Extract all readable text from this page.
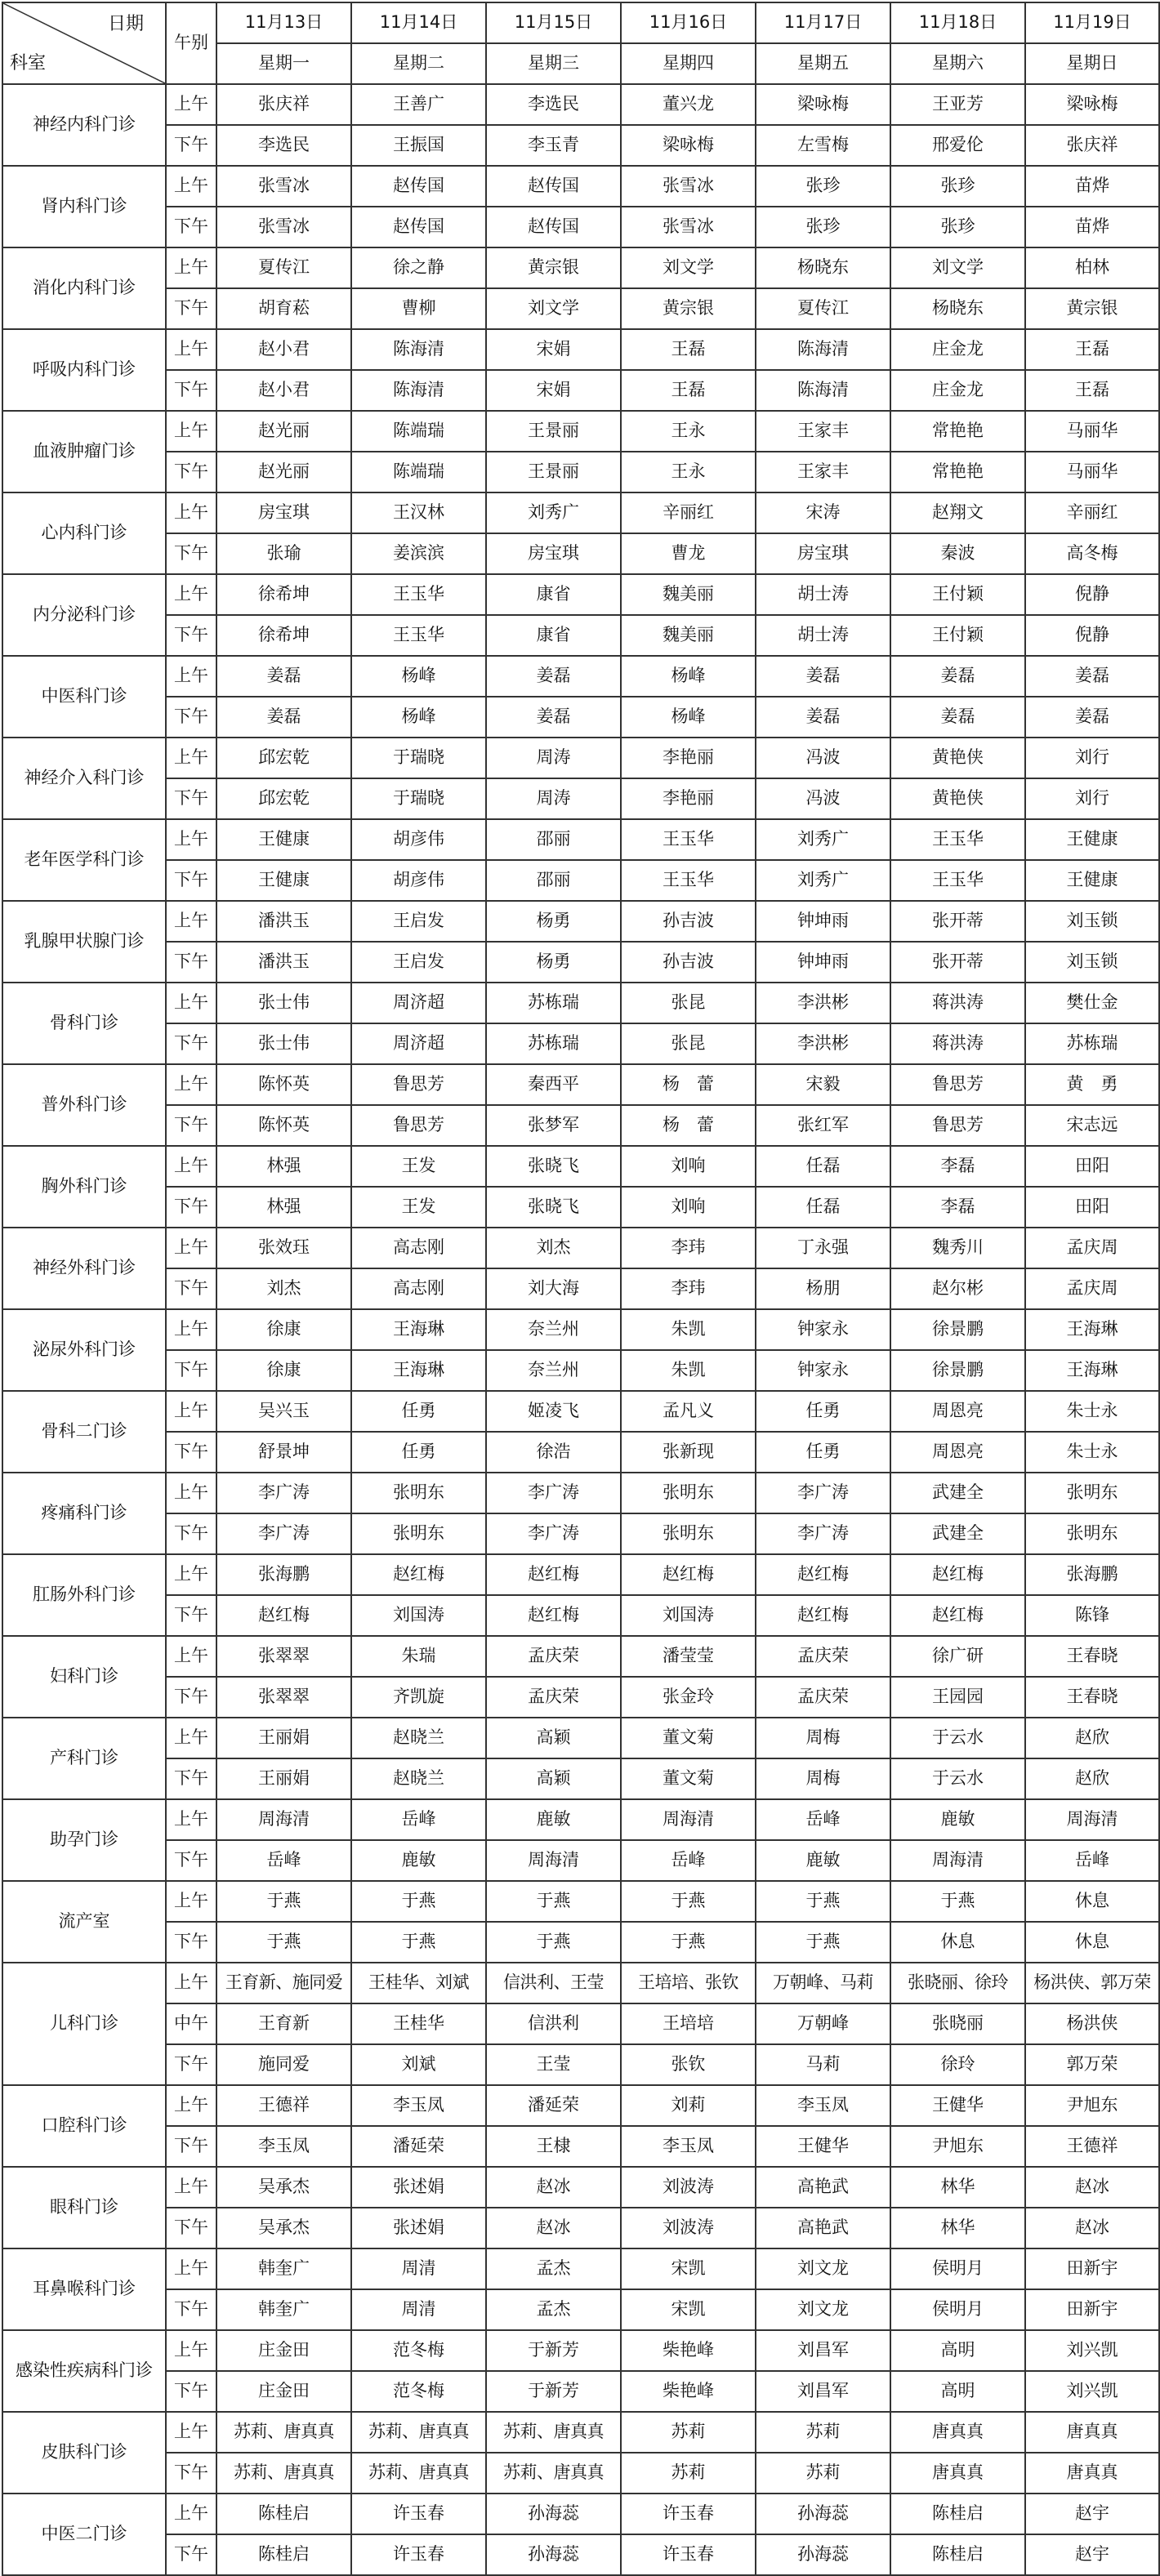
日期
科室	午别	11月13日	11月14日	11月15日	11月16日	11月17日	11月18日	11月19日
		星期一	星期二	星期三	星期四	星期五	星期六	星期日
神经内科门诊	上午	张庆祥	王善广	李选民	董兴龙	梁咏梅	王亚芳	梁咏梅
	下午	李选民	王振国	李玉青	梁咏梅	左雪梅	邢爱伦	张庆祥
肾内科门诊	上午	张雪冰	赵传国	赵传国	张雪冰	张珍	张珍	苗烨
	下午	张雪冰	赵传国	赵传国	张雪冰	张珍	张珍	苗烨
消化内科门诊	上午	夏传江	徐之静	黄宗银	刘文学	杨晓东	刘文学	柏林
	下午	胡育菘	曹柳	刘文学	黄宗银	夏传江	杨晓东	黄宗银
呼吸内科门诊	上午	赵小君	陈海清	宋娟	王磊	陈海清	庄金龙	王磊
	下午	赵小君	陈海清	宋娟	王磊	陈海清	庄金龙	王磊
血液肿瘤门诊	上午	赵光丽	陈端瑞	王景丽	王永	王家丰	常艳艳	马丽华
	下午	赵光丽	陈端瑞	王景丽	王永	王家丰	常艳艳	马丽华
心内科门诊	上午	房宝琪	王汉林	刘秀广	辛丽红	宋涛	赵翔文	辛丽红
	下午	张瑜	姜滨滨	房宝琪	曹龙	房宝琪	秦波	高冬梅
内分泌科门诊	上午	徐希坤	王玉华	康省	魏美丽	胡士涛	王付颖	倪静
	下午	徐希坤	王玉华	康省	魏美丽	胡士涛	王付颖	倪静
中医科门诊	上午	姜磊	杨峰	姜磊	杨峰	姜磊	姜磊	姜磊
	下午	姜磊	杨峰	姜磊	杨峰	姜磊	姜磊	姜磊
神经介入科门诊	上午	邱宏乾	于瑞晓	周涛	李艳丽	冯波	黄艳侠	刘行
	下午	邱宏乾	于瑞晓	周涛	李艳丽	冯波	黄艳侠	刘行
老年医学科门诊	上午	王健康	胡彦伟	邵丽	王玉华	刘秀广	王玉华	王健康
	下午	王健康	胡彦伟	邵丽	王玉华	刘秀广	王玉华	王健康
乳腺甲状腺门诊	上午	潘洪玉	王启发	杨勇	孙吉波	钟坤雨	张开蒂	刘玉锁
	下午	潘洪玉	王启发	杨勇	孙吉波	钟坤雨	张开蒂	刘玉锁
骨科门诊	上午	张士伟	周济超	苏栋瑞	张昆	李洪彬	蒋洪涛	樊仕金
	下午	张士伟	周济超	苏栋瑞	张昆	李洪彬	蒋洪涛	苏栋瑞
普外科门诊	上午	陈怀英	鲁思芳	秦西平	杨　蕾	宋毅	鲁思芳	黄　勇
	下午	陈怀英	鲁思芳	张梦军	杨　蕾	张红军	鲁思芳	宋志远
胸外科门诊	上午	林强	王发	张晓飞	刘响	任磊	李磊	田阳
	下午	林强	王发	张晓飞	刘响	任磊	李磊	田阳
神经外科门诊	上午	张效珏	高志刚	刘杰	李玮	丁永强	魏秀川	孟庆周
	下午	刘杰	高志刚	刘大海	李玮	杨朋	赵尔彬	孟庆周
泌尿外科门诊	上午	徐康	王海琳	奈兰州	朱凯	钟家永	徐景鹏	王海琳
	下午	徐康	王海琳	奈兰州	朱凯	钟家永	徐景鹏	王海琳
骨科二门诊	上午	吴兴玉	任勇	姬凌飞	孟凡义	任勇	周恩亮	朱士永
	下午	舒景坤	任勇	徐浩	张新现	任勇	周恩亮	朱士永
疼痛科门诊	上午	李广涛	张明东	李广涛	张明东	李广涛	武建全	张明东
	下午	李广涛	张明东	李广涛	张明东	李广涛	武建全	张明东
肛肠外科门诊	上午	张海鹏	赵红梅	赵红梅	赵红梅	赵红梅	赵红梅	张海鹏
	下午	赵红梅	刘国涛	赵红梅	刘国涛	赵红梅	赵红梅	陈锋
妇科门诊	上午	张翠翠	朱瑞	孟庆荣	潘莹莹	孟庆荣	徐广研	王春晓
	下午	张翠翠	齐凯旋	孟庆荣	张金玲	孟庆荣	王园园	王春晓
产科门诊	上午	王丽娟	赵晓兰	高颖	董文菊	周梅	于云水	赵欣
	下午	王丽娟	赵晓兰	高颖	董文菊	周梅	于云水	赵欣
助孕门诊	上午	周海清	岳峰	鹿敏	周海清	岳峰	鹿敏	周海清
	下午	岳峰	鹿敏	周海清	岳峰	鹿敏	周海清	岳峰
流产室	上午	于燕	于燕	于燕	于燕	于燕	于燕	休息
	下午	于燕	于燕	于燕	于燕	于燕	休息	休息
儿科门诊	上午	王育新、施同爱	王桂华、刘斌	信洪利、王莹	王培培、张钦	万朝峰、马莉	张晓丽、徐玲	杨洪侠、郭万荣
	中午	王育新	王桂华	信洪利	王培培	万朝峰	张晓丽	杨洪侠
	下午	施同爱	刘斌	王莹	张钦	马莉	徐玲	郭万荣
口腔科门诊	上午	王德祥	李玉凤	潘延荣	刘莉	李玉凤	王健华	尹旭东
	下午	李玉凤	潘延荣	王棣	李玉凤	王健华	尹旭东	王德祥
眼科门诊	上午	吴承杰	张述娟	赵冰	刘波涛	高艳武	林华	赵冰
	下午	吴承杰	张述娟	赵冰	刘波涛	高艳武	林华	赵冰
耳鼻喉科门诊	上午	韩奎广	周清	孟杰	宋凯	刘文龙	侯明月	田新宇
	下午	韩奎广	周清	孟杰	宋凯	刘文龙	侯明月	田新宇
感染性疾病科门诊	上午	庄金田	范冬梅	于新芳	柴艳峰	刘昌军	高明	刘兴凯
	下午	庄金田	范冬梅	于新芳	柴艳峰	刘昌军	高明	刘兴凯
皮肤科门诊	上午	苏莉、唐真真	苏莉、唐真真	苏莉、唐真真	苏莉	苏莉	唐真真	唐真真
	下午	苏莉、唐真真	苏莉、唐真真	苏莉、唐真真	苏莉	苏莉	唐真真	唐真真
中医二门诊	上午	陈桂启	许玉春	孙海蕊	许玉春	孙海蕊	陈桂启	赵宇
	下午	陈桂启	许玉春	孙海蕊	许玉春	孙海蕊	陈桂启	赵宇
